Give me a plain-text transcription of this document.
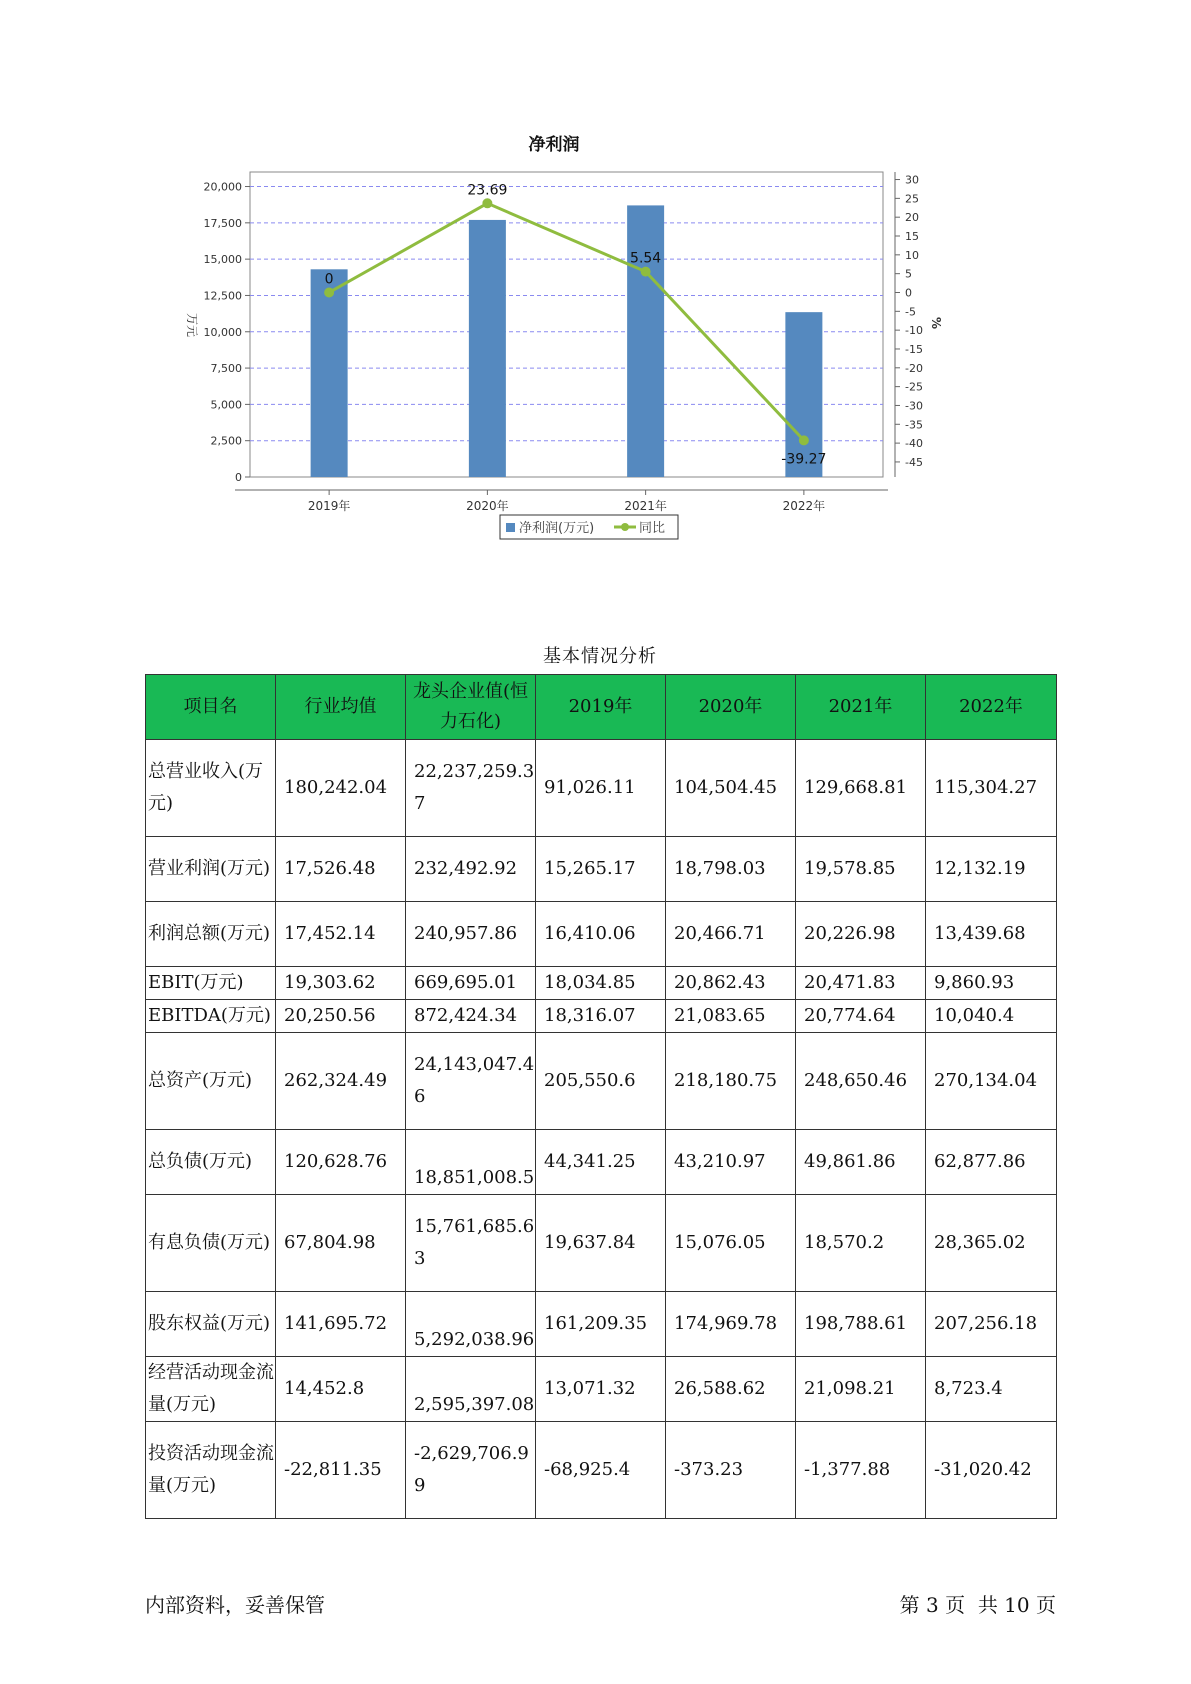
净利润
0
2,500
5,000
7,500
10,000
12,500
15,000
17,500
20,000
万元
30
25
20
15
10
5
0
-5
-10
-15
-20
-25
-30
-35
-40
-45
%
2019年	2020年	2021年	2022年
0
23.69
5.54
-39.27
净利润(万元)	同比
基本情况分析
项目名	行业均值	龙头企业值(恒力石化)	2019年	2020年	2021年	2022年
总营业收入(万元)	180,242.04	22,237,259.37	91,026.11	104,504.45	129,668.81	115,304.27
营业利润(万元)	17,526.48	232,492.92	15,265.17	18,798.03	19,578.85	12,132.19
利润总额(万元)	17,452.14	240,957.86	16,410.06	20,466.71	20,226.98	13,439.68
EBIT(万元)	19,303.62	669,695.01	18,034.85	20,862.43	20,471.83	9,860.93
EBITDA(万元)	20,250.56	872,424.34	18,316.07	21,083.65	20,774.64	10,040.4
总资产(万元)	262,324.49	24,143,047.46	205,550.6	218,180.75	248,650.46	270,134.04
总负债(万元)	120,628.76	18,851,008.5	44,341.25	43,210.97	49,861.86	62,877.86
有息负债(万元)	67,804.98	15,761,685.63	19,637.84	15,076.05	18,570.2	28,365.02
股东权益(万元)	141,695.72	5,292,038.96	161,209.35	174,969.78	198,788.61	207,256.18
经营活动现金流量(万元)	14,452.8	2,595,397.08	13,071.32	26,588.62	21,098.21	8,723.4
投资活动现金流量(万元)	-22,811.35	-2,629,706.99	-68,925.4	-373.23	-1,377.88	-31,020.42
内部资料，妥善保管	第 3 页  共 10 页
